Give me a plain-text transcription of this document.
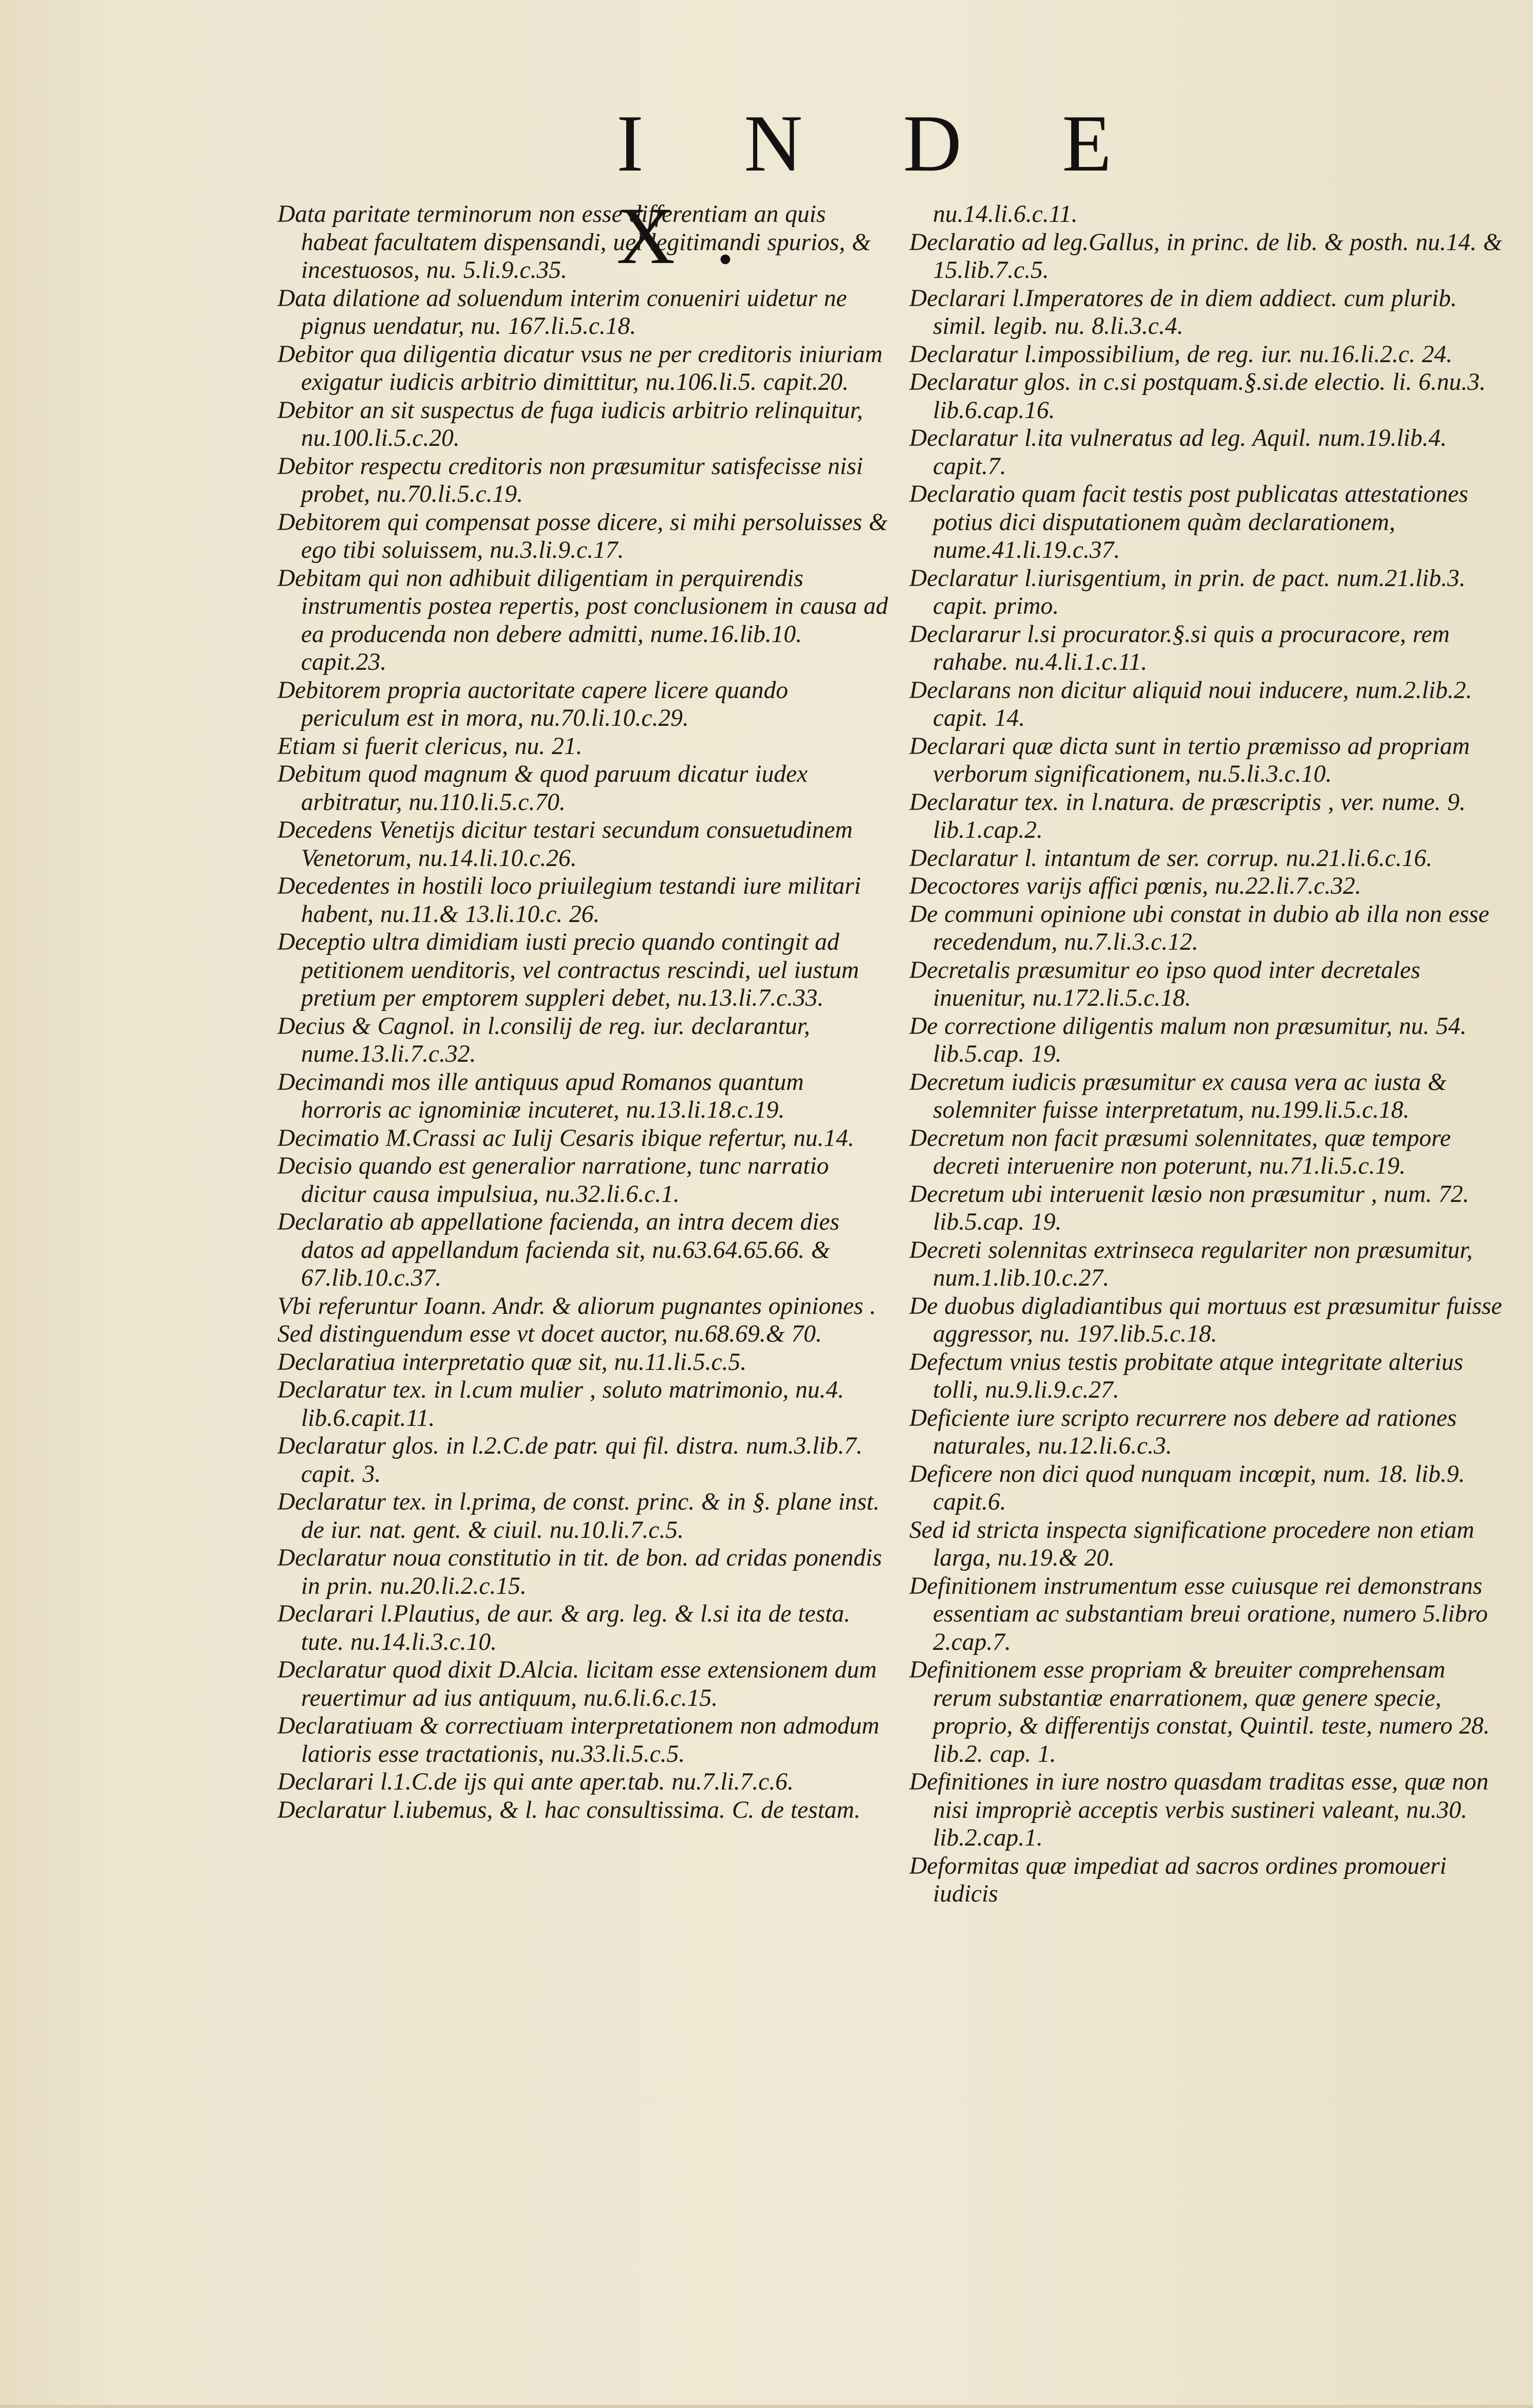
I N D E X.

Data paritate terminorum non esse differentiam an quis habeat facultatem dispensandi, uel legitimandi spurios, & incestuosos, nu. 5.li.9.c.35.

Data dilatione ad soluendum interim conueniri uidetur ne pignus uendatur, nu. 167.li.5.c.18.

Debitor qua diligentia dicatur vsus ne per creditoris iniuriam exigatur iudicis arbitrio dimittitur, nu.106.li.5. capit.20.

Debitor an sit suspectus de fuga iudicis arbitrio relinquitur, nu.100.li.5.c.20.

Debitor respectu creditoris non præsumitur satisfecisse nisi probet, nu.70.li.5.c.19.

Debitorem qui compensat posse dicere, si mihi persoluisses & ego tibi soluissem, nu.3.li.9.c.17.

Debitam qui non adhibuit diligentiam in perquirendis instrumentis postea repertis, post conclusionem in causa ad ea producenda non debere admitti, nume.16.lib.10. capit.23.

Debitorem propria auctoritate capere licere quando periculum est in mora, nu.70.li.10.c.29.

Etiam si fuerit clericus, nu. 21.

Debitum quod magnum & quod paruum dicatur iudex arbitratur, nu.110.li.5.c.70.

Decedens Venetijs dicitur testari secundum consuetudinem Venetorum, nu.14.li.10.c.26.

Decedentes in hostili loco priuilegium testandi iure militari habent, nu.11.& 13.li.10.c. 26.

Deceptio ultra dimidiam iusti precio quando contingit ad petitionem uenditoris, vel contractus rescindi, uel iustum pretium per emptorem suppleri debet, nu.13.li.7.c.33.

Decius & Cagnol. in l.consilij de reg. iur. declarantur, nume.13.li.7.c.32.

Decimandi mos ille antiquus apud Romanos quantum horroris ac ignominiæ incuteret, nu.13.li.18.c.19.

Decimatio M.Crassi ac Iulij Cesaris ibique refertur, nu.14.

Decisio quando est generalior narratione, tunc narratio dicitur causa impulsiua, nu.32.li.6.c.1.

Declaratio ab appellatione facienda, an intra decem dies datos ad appellandum facienda sit, nu.63.64.65.66. & 67.lib.10.c.37.

Vbi referuntur Ioann. Andr. & aliorum pugnantes opiniones .

Sed distinguendum esse vt docet auctor, nu.68.69.& 70.

Declaratiua interpretatio quæ sit, nu.11.li.5.c.5.

Declaratur tex. in l.cum mulier , soluto matrimonio, nu.4. lib.6.capit.11.

Declaratur glos. in l.2.C.de patr. qui fil. distra. num.3.lib.7. capit. 3.

Declaratur tex. in l.prima, de const. princ. & in §. plane inst. de iur. nat. gent. & ciuil. nu.10.li.7.c.5.

Declaratur noua constitutio in tit. de bon. ad cridas ponendis in prin. nu.20.li.2.c.15.

Declarari l.Plautius, de aur. & arg. leg. & l.si ita de testa. tute. nu.14.li.3.c.10.

Declaratur quod dixit D.Alcia. licitam esse extensionem dum reuertimur ad ius antiquum, nu.6.li.6.c.15.

Declaratiuam & correctiuam interpretationem non admodum latioris esse tractationis, nu.33.li.5.c.5.

Declarari l.1.C.de ijs qui ante aper.tab. nu.7.li.7.c.6.

Declaratur l.iubemus, & l. hac consultissima. C. de testam.

nu.14.li.6.c.11.

Declaratio ad leg.Gallus, in princ. de lib. & posth. nu.14. & 15.lib.7.c.5.

Declarari l.Imperatores de in diem addiect. cum plurib. simil. legib. nu. 8.li.3.c.4.

Declaratur l.impossibilium, de reg. iur. nu.16.li.2.c. 24.

Declaratur glos. in c.si postquam.§.si.de electio. li. 6.nu.3. lib.6.cap.16.

Declaratur l.ita vulneratus ad leg. Aquil. num.19.lib.4. capit.7.

Declaratio quam facit testis post publicatas attestationes potius dici disputationem quàm declarationem, nume.41.li.19.c.37.

Declaratur l.iurisgentium, in prin. de pact. num.21.lib.3. capit. primo.

Declararur l.si procurator.§.si quis a procuracore, rem rahabe. nu.4.li.1.c.11.

Declarans non dicitur aliquid noui inducere, num.2.lib.2. capit. 14.

Declarari quæ dicta sunt in tertio præmisso ad propriam verborum significationem, nu.5.li.3.c.10.

Declaratur tex. in l.natura. de præscriptis , ver. nume. 9. lib.1.cap.2.

Declaratur l. intantum de ser. corrup. nu.21.li.6.c.16.

Decoctores varijs affici pœnis, nu.22.li.7.c.32.

De communi opinione ubi constat in dubio ab illa non esse recedendum, nu.7.li.3.c.12.

Decretalis præsumitur eo ipso quod inter decretales inuenitur, nu.172.li.5.c.18.

De correctione diligentis malum non præsumitur, nu. 54. lib.5.cap. 19.

Decretum iudicis præsumitur ex causa vera ac iusta & solemniter fuisse interpretatum, nu.199.li.5.c.18.

Decretum non facit præsumi solennitates, quæ tempore decreti interuenire non poterunt, nu.71.li.5.c.19.

Decretum ubi interuenit læsio non præsumitur , num. 72. lib.5.cap. 19.

Decreti solennitas extrinseca regulariter non præsumitur, num.1.lib.10.c.27.

De duobus digladiantibus qui mortuus est præsumitur fuisse aggressor, nu. 197.lib.5.c.18.

Defectum vnius testis probitate atque integritate alterius tolli, nu.9.li.9.c.27.

Deficiente iure scripto recurrere nos debere ad rationes naturales, nu.12.li.6.c.3.

Deficere non dici quod nunquam incœpit, num. 18. lib.9. capit.6.

Sed id stricta inspecta significatione procedere non etiam larga, nu.19.& 20.

Definitionem instrumentum esse cuiusque rei demonstrans essentiam ac substantiam breui oratione, numero 5.libro 2.cap.7.

Definitionem esse propriam & breuiter comprehensam rerum substantiæ enarrationem, quæ genere specie, proprio, & differentijs constat, Quintil. teste, numero 28. lib.2. cap. 1.

Definitiones in iure nostro quasdam traditas esse, quæ non nisi impropriè acceptis verbis sustineri valeant, nu.30. lib.2.cap.1.

Deformitas quæ impediat ad sacros ordines promoueri iudicis
